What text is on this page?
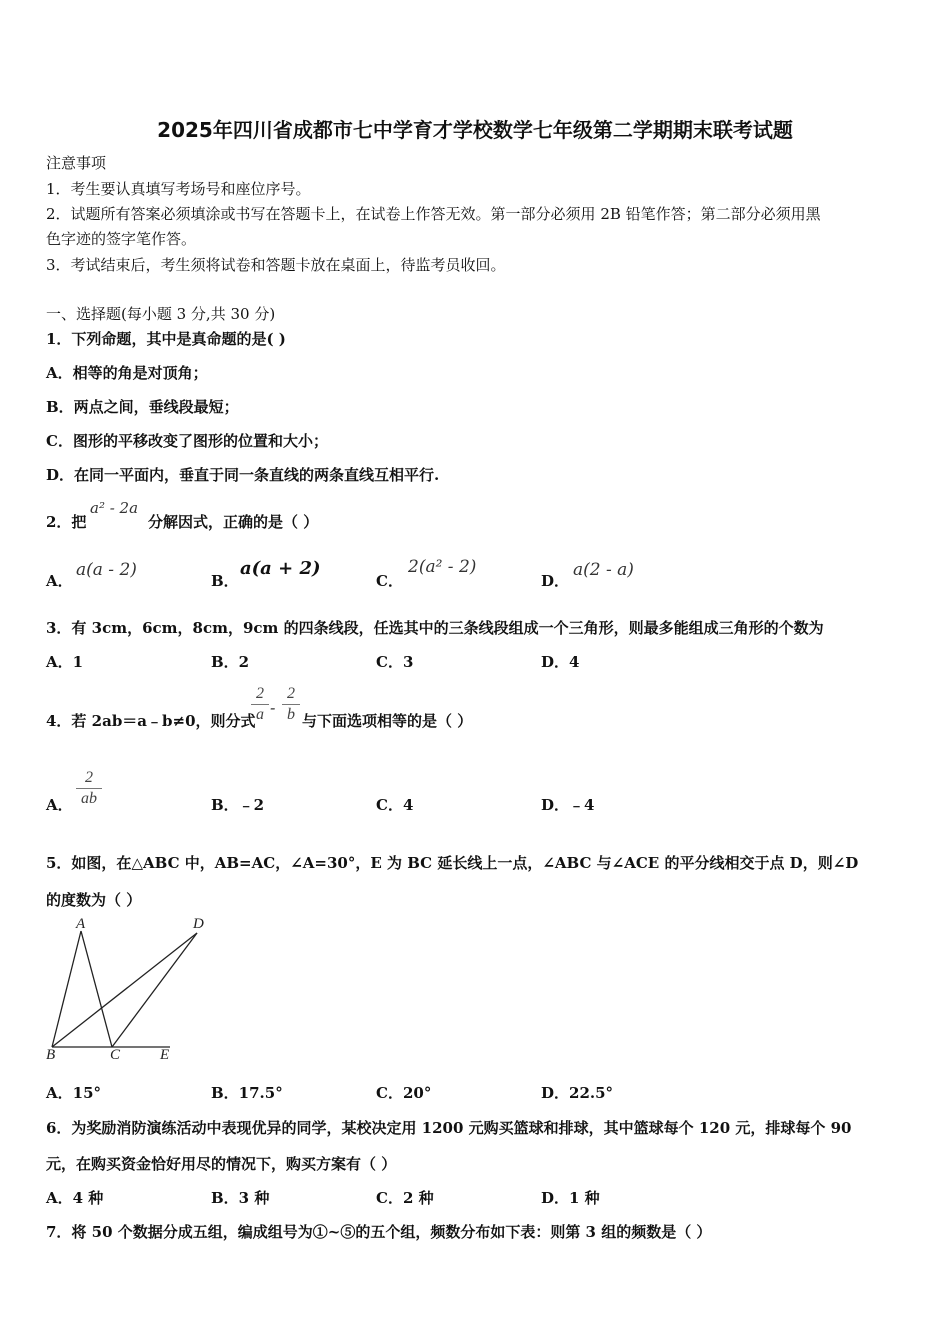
2025年四川省成都市七中学育才学校数学七年级第二学期期末联考试题
注意事项
1．考生要认真填写考场号和座位序号。
2．试题所有答案必须填涂或书写在答题卡上，在试卷上作答无效。第一部分必须用 2B 铅笔作答；第二部分必须用黑
色字迹的签字笔作答。
3．考试结束后，考生须将试卷和答题卡放在桌面上，待监考员收回。
一、选择题(每小题 3 分,共 30 分)
1．下列命题，其中是真命题的是( )
A．相等的角是对顶角；
B．两点之间，垂线段最短；
C．图形的平移改变了图形的位置和大小；
D．在同一平面内，垂直于同一条直线的两条直线互相平行.
2．把
a² - 2a
分解因式，正确的是（ ）
A．
a(a - 2)
B．
a(a + 2)
C．
2(a² - 2)
D．
a(2 - a)
3．有 3cm，6cm，8cm，9cm 的四条线段，任选其中的三条线段组成一个三角形，则最多能组成三角形的个数为
A．1	B．2	C．3	D．4
4．若 2ab＝a﹣b≠0，则分式
$\frac{2}{a} - \frac{2}{b}$ 与下面选项相等的是（ ）
A． $\frac{2}{ab}$	B．﹣2	C．4	D．﹣4
5．如图，在△ABC 中，AB=AC，∠A=30°，E 为 BC 延长线上一点，∠ABC 与∠ACE 的平分线相交于点 D，则∠D
的度数为（ ）
A	D
B	C	E
A．15°	B．17.5°	C．20°	D．22.5°
6．为奖励消防演练活动中表现优异的同学，某校决定用 1200 元购买篮球和排球，其中篮球每个 120 元，排球每个 90
元，在购买资金恰好用尽的情况下，购买方案有（ ）
A．4 种	B．3 种	C．2 种	D．1 种
7．将 50 个数据分成五组，编成组号为①~⑤的五个组，频数分布如下表：则第 3 组的频数是（ ）
